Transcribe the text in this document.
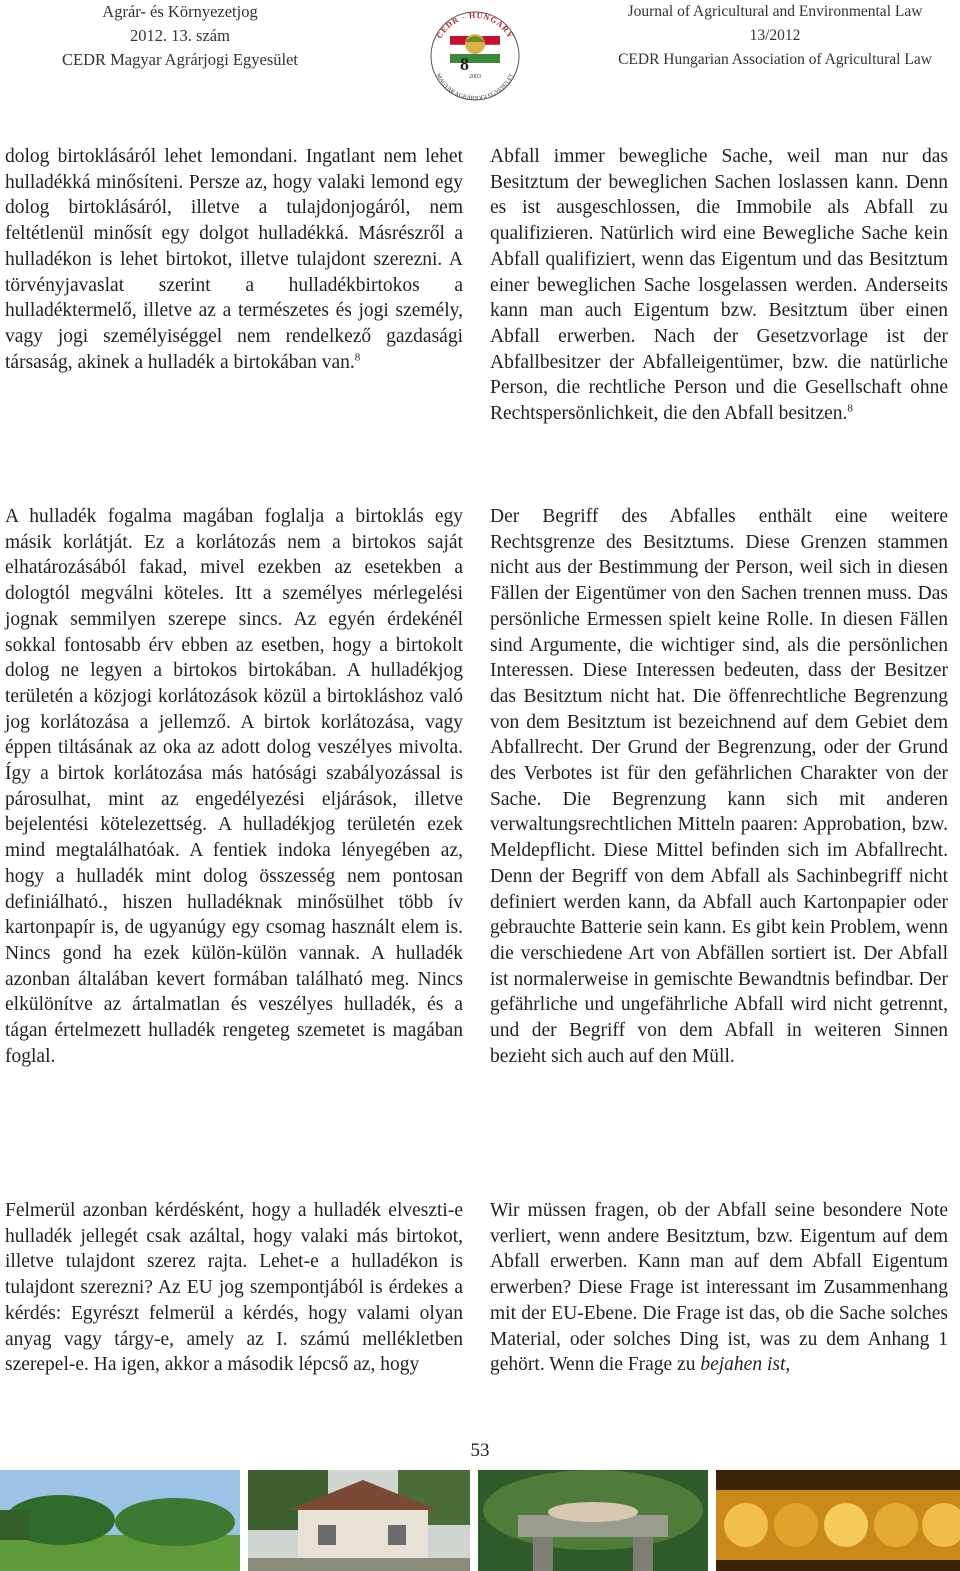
Agrár- és Környezetjog
2012. 13. szám
CEDR Magyar Agrárjogi Egyesület
CEDR - HUNGARY
MAGYAR AGRÁRJOGI EGYESÜLET
8
2003
Journal of Agricultural and Environmental Law
13/2012
CEDR Hungarian Association of Agricultural Law

dolog birtoklásáról lehet lemondani. Ingatlant nem lehet hulladékká minősíteni. Persze az, hogy valaki lemond egy dolog birtoklásáról, illetve a tulajdonjogáról, nem feltétlenül minősít egy dolgot hulladékká. Másrészről a hulladékon is lehet birtokot, illetve tulajdont szerezni. A törvényjavaslat szerint a hulladékbirtokos a hulladéktermelő, illetve az a természetes és jogi személy, vagy jogi személyiséggel nem rendelkező gazdasági társaság, akinek a hulladék a birtokában van.$^8$

A hulladék fogalma magában foglalja a birtoklás egy másik korlátját. Ez a korlátozás nem a birtokos saját elhatározásából fakad, mivel ezekben az esetekben a dologtól megválni köteles. Itt a személyes mérlegelési jognak semmilyen szerepe sincs. Az egyén érdekénél sokkal fontosabb érv ebben az esetben, hogy a birtokolt dolog ne legyen a birtokos birtokában. A hulladékjog területén a közjogi korlátozások közül a birtokláshoz való jog korlátozása a jellemző. A birtok korlátozása, vagy éppen tiltásának az oka az adott dolog veszélyes mivolta. Így a birtok korlátozása más hatósági szabályozással is párosulhat, mint az engedélyezési eljárások, illetve bejelentési kötelezettség. A hulladékjog területén ezek mind megtalálhatóak. A fentiek indoka lényegében az, hogy a hulladék mint dolog összesség nem pontosan definiálható., hiszen hulladéknak minősülhet több ív kartonpapír is, de ugyanúgy egy csomag használt elem is. Nincs gond ha ezek külön-külön vannak. A hulladék azonban általában kevert formában található meg. Nincs elkülönítve az ártalmatlan és veszélyes hulladék, és a tágan értelmezett hulladék rengeteg szemetet is magában foglal.

Felmerül azonban kérdésként, hogy a hulladék elveszti-e hulladék jellegét csak azáltal, hogy valaki más birtokot, illetve tulajdont szerez rajta. Lehet-e a hulladékon is tulajdont szerezni? Az EU jog szempontjából is érdekes a kérdés: Egyrészt felmerül a kérdés, hogy valami olyan anyag vagy tárgy-e, amely az I. számú mellékletben szerepel-e. Ha igen, akkor a második lépcső az, hogy

Abfall immer bewegliche Sache, weil man nur das Besitztum der beweglichen Sachen loslassen kann. Denn es ist ausgeschlossen, die Immobile als Abfall zu qualifizieren. Natürlich wird eine Bewegliche Sache kein Abfall qualifiziert, wenn das Eigentum und das Besitztum einer beweglichen Sache losgelassen werden. Anderseits kann man auch Eigentum bzw. Besitztum über einen Abfall erwerben. Nach der Gesetzvorlage ist der Abfallbesitzer der Abfalleigentümer, bzw. die natürliche Person, die rechtliche Person und die Gesellschaft ohne Rechtspersönlichkeit, die den Abfall besitzen.$^8$

Der Begriff des Abfalles enthält eine weitere Rechtsgrenze des Besitztums. Diese Grenzen stammen nicht aus der Bestimmung der Person, weil sich in diesen Fällen der Eigentümer von den Sachen trennen muss. Das persönliche Ermessen spielt keine Rolle. In diesen Fällen sind Argumente, die wichtiger sind, als die persönlichen Interessen. Diese Interessen bedeuten, dass der Besitzer das Besitztum nicht hat. Die öffenrechtliche Begrenzung von dem Besitztum ist bezeichnend auf dem Gebiet dem Abfallrecht. Der Grund der Begrenzung, oder der Grund des Verbotes ist für den gefährlichen Charakter von der Sache. Die Begrenzung kann sich mit anderen verwaltungsrechtlichen Mitteln paaren: Approbation, bzw. Meldepflicht. Diese Mittel befinden sich im Abfallrecht. Denn der Begriff von dem Abfall als Sachinbegriff nicht definiert werden kann, da Abfall auch Kartonpapier oder gebrauchte Batterie sein kann. Es gibt kein Problem, wenn die verschiedene Art von Abfällen sortiert ist. Der Abfall ist normalerweise in gemischte Bewandtnis befindbar. Der gefährliche und ungefährliche Abfall wird nicht getrennt, und der Begriff von dem Abfall in weiteren Sinnen bezieht sich auch auf den Müll.

Wir müssen fragen, ob der Abfall seine besondere Note verliert, wenn andere Besitztum, bzw. Eigentum auf dem Abfall erwerben. Kann man auf dem Abfall Eigentum erwerben? Diese Frage ist interessant im Zusammenhang mit der EU-Ebene. Die Frage ist das, ob die Sache solches Material, oder solches Ding ist, was zu dem Anhang 1 gehört. Wenn die Frage zu bejahen ist,

53
